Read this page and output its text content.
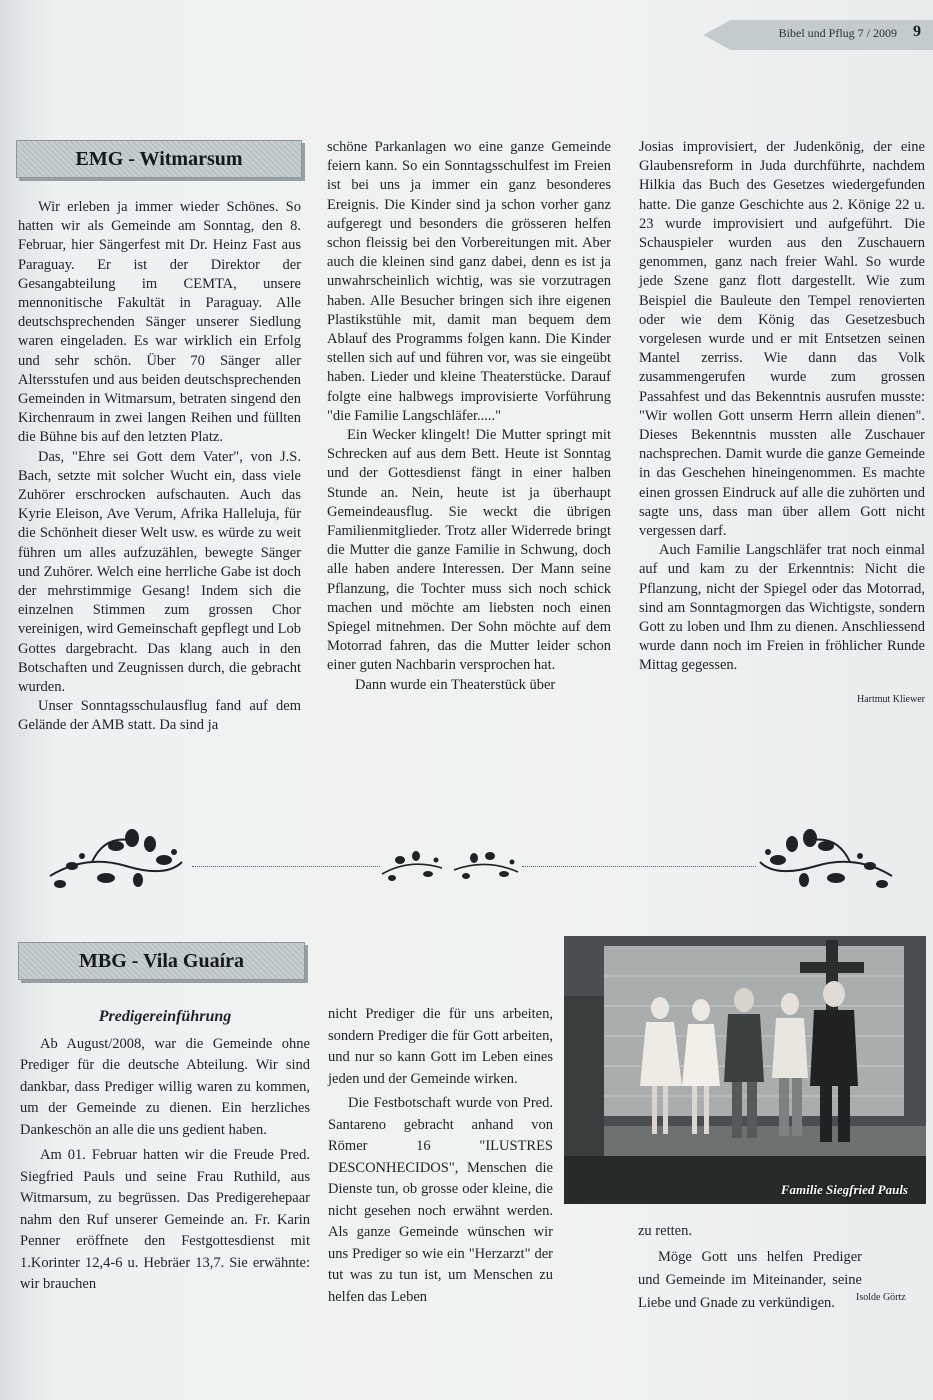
Bibel und Pflug 7 / 2009 9
EMG - Witmarsum

Wir erleben ja immer wieder Schönes. So hatten wir als Gemeinde am Sonntag, den 8. Februar, hier Sängerfest mit Dr. Heinz Fast aus Paraguay. Er ist der Direktor der Gesangabteilung im CEMTA, unsere mennonitische Fakultät in Paraguay. Alle deutschsprechenden Sänger unserer Siedlung waren eingeladen. Es war wirklich ein Erfolg und sehr schön. Über 70 Sänger aller Altersstufen und aus beiden deutschsprechenden Gemeinden in Witmarsum, betraten singend den Kirchenraum in zwei langen Reihen und füllten die Bühne bis auf den letzten Platz.

Das, "Ehre sei Gott dem Vater", von J.S. Bach, setzte mit solcher Wucht ein, dass viele Zuhörer erschrocken aufschauten. Auch das Kyrie Eleison, Ave Verum, Afrika Halleluja, für die Schönheit dieser Welt usw. es würde zu weit führen um alles aufzuzählen, bewegte Sänger und Zuhörer. Welch eine herrliche Gabe ist doch der mehrstimmige Gesang! Indem sich die einzelnen Stimmen zum grossen Chor vereinigen, wird Gemeinschaft gepflegt und Lob Gottes dargebracht. Das klang auch in den Botschaften und Zeugnissen durch, die gebracht wurden.

Unser Sonntagsschulausflug fand auf dem Gelände der AMB statt. Da sind ja

schöne Parkanlagen wo eine ganze Gemeinde feiern kann. So ein Sonntagsschulfest im Freien ist bei uns ja immer ein ganz besonderes Ereignis. Die Kinder sind ja schon vorher ganz aufgeregt und besonders die grösseren helfen schon fleissig bei den Vorbereitungen mit. Aber auch die kleinen sind ganz dabei, denn es ist ja unwahrscheinlich wichtig, was sie vorzutragen haben. Alle Besucher bringen sich ihre eigenen Plastikstühle mit, damit man bequem dem Ablauf des Programms folgen kann. Die Kinder stellen sich auf und führen vor, was sie eingeübt haben. Lieder und kleine Theaterstücke. Darauf folgte eine halbwegs improvisierte Vorführung "die Familie Langschläfer....."

Ein Wecker klingelt! Die Mutter springt mit Schrecken auf aus dem Bett. Heute ist Sonntag und der Gottesdienst fängt in einer halben Stunde an. Nein, heute ist ja überhaupt Gemeindeausflug. Sie weckt die übrigen Familienmitglieder. Trotz aller Widerrede bringt die Mutter die ganze Familie in Schwung, doch alle haben andere Interessen. Der Mann seine Pflanzung, die Tochter muss sich noch schick machen und möchte am liebsten noch einen Spiegel mitnehmen. Der Sohn möchte auf dem Motorrad fahren, das die Mutter leider schon einer guten Nachbarin versprochen hat.

Dann wurde ein Theaterstück über

Josias improvisiert, der Judenkönig, der eine Glaubensreform in Juda durchführte, nachdem Hilkia das Buch des Gesetzes wiedergefunden hatte. Die ganze Geschichte aus 2. Könige 22 u. 23 wurde improvisiert und aufgeführt. Die Schauspieler wurden aus den Zuschauern genommen, ganz nach freier Wahl. So wurde jede Szene ganz flott dargestellt. Wie zum Beispiel die Bauleute den Tempel renovierten oder wie dem König das Gesetzesbuch vorgelesen wurde und er mit Entsetzen seinen Mantel zerriss. Wie dann das Volk zusammengerufen wurde zum grossen Passahfest und das Bekenntnis ausrufen musste: "Wir wollen Gott unserm Herrn allein dienen". Dieses Bekenntnis mussten alle Zuschauer nachsprechen. Damit wurde die ganze Gemeinde in das Geschehen hineingenommen. Es machte einen grossen Eindruck auf alle die zuhörten und sagte uns, dass man über allem Gott nicht vergessen darf.

Auch Familie Langschläfer trat noch einmal auf und kam zu der Erkenntnis: Nicht die Pflanzung, nicht der Spiegel oder das Motorrad, sind am Sonntagmorgen das Wichtigste, sondern Gott zu loben und Ihm zu dienen. Anschliessend wurde dann noch im Freien in fröhlicher Runde Mittag gegessen.

Hartmut Kliewer

MBG - Vila Guaíra
Predigereinführung

Ab August/2008, war die Gemeinde ohne Prediger für die deutsche Abteilung. Wir sind dankbar, dass Prediger willig waren zu kommen, um der Gemeinde zu dienen. Ein herzliches Dankeschön an alle die uns gedient haben.

Am 01. Februar hatten wir die Freude Pred. Siegfried Pauls und seine Frau Ruthild, aus Witmarsum, zu begrüssen. Das Predigerehepaar nahm den Ruf unserer Gemeinde an. Fr. Karin Penner eröffnete den Festgottesdienst mit 1.Korinter 12,4-6 u. Hebräer 13,7. Sie erwähnte: wir brauchen

nicht Prediger die für uns arbeiten, sondern Prediger die für Gott arbeiten, und nur so kann Gott im Leben eines jeden und der Gemeinde wirken.

Die Festbotschaft wurde von Pred. Santareno gebracht anhand von Römer 16 "ILUSTRES DESCONHECIDOS", Menschen die Dienste tun, ob grosse oder kleine, die nicht gesehen noch erwähnt werden. Als ganze Gemeinde wünschen wir uns Prediger so wie ein "Herzarzt" der tut was zu tun ist, um Menschen zu helfen das Leben

Familie Siegfried Pauls

zu retten.

Möge Gott uns helfen Prediger und Gemeinde im Miteinander, seine Liebe und Gnade zu verkündigen.	Isolde Görtz
